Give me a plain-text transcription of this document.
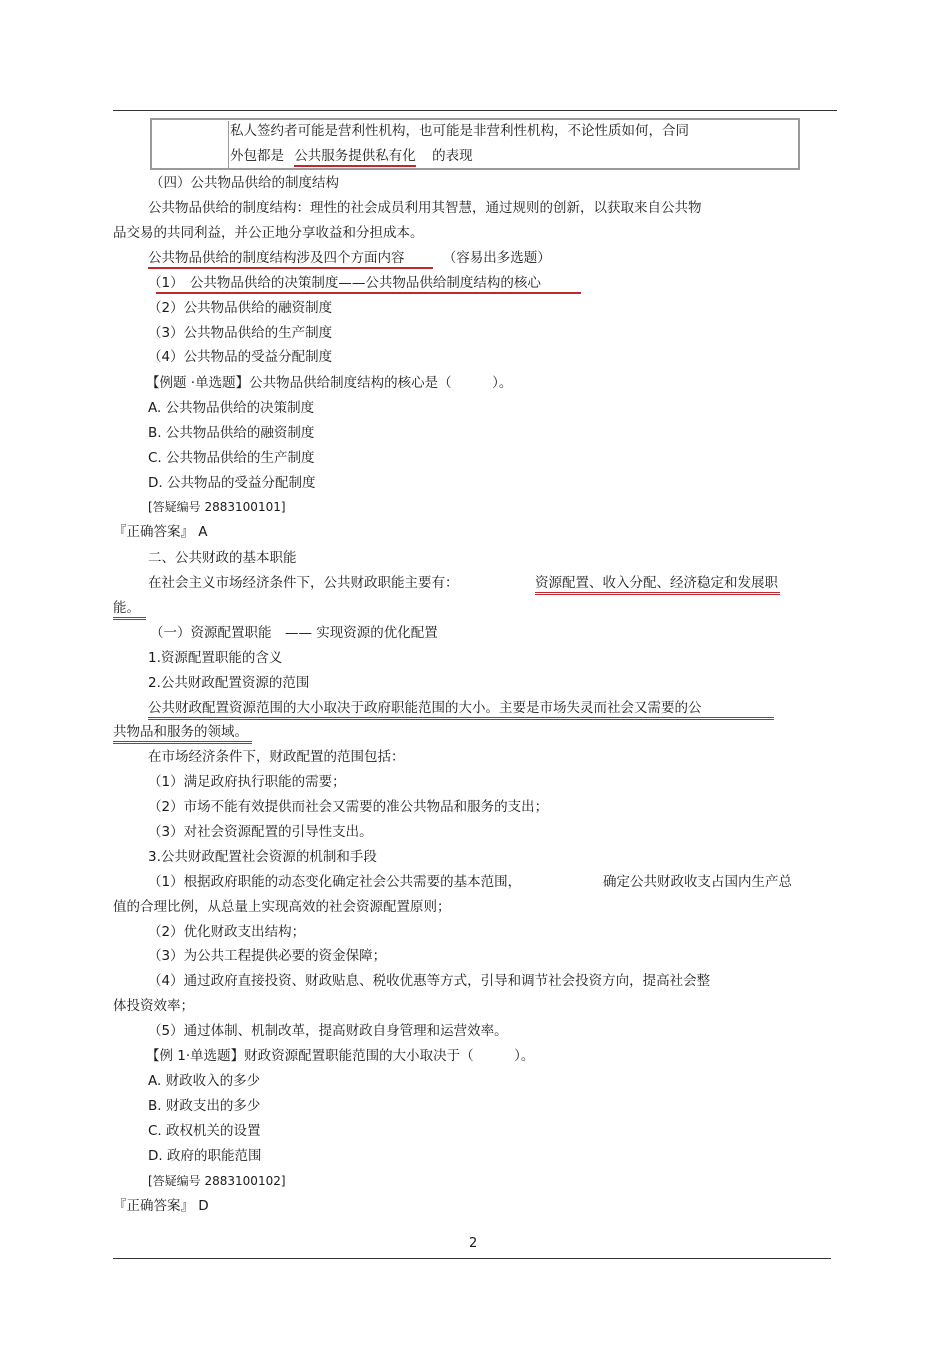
私人签约者可能是营利性机构，也可能是非营利性机构，不论性质如何，合同
外包都是 公共服务提供私有化 的表现
（四）公共物品供给的制度结构
公共物品供给的制度结构：理性的社会成员利用其智慧，通过规则的创新，以获取来自公共物
品交易的共同利益，并公正地分享收益和分担成本。
公共物品供给的制度结构涉及四个方面内容	（容易出多选题）
（1） 公共物品供给的决策制度——公共物品供给制度结构的核心
（2）公共物品供给的融资制度
（3）公共物品供给的生产制度
（4）公共物品的受益分配制度
【例题 ·单选题】公共物品供给制度结构的核心是（　　　）。
A. 公共物品供给的决策制度
B. 公共物品供给的融资制度
C. 公共物品供给的生产制度
D. 公共物品的受益分配制度
[答疑编号 2883100101]
『正确答案』 A
二、公共财政的基本职能
在社会主义市场经济条件下，公共财政职能主要有：	资源配置、收入分配、经济稳定和发展职
能。
（一）资源配置职能　—— 实现资源的优化配置
1.资源配置职能的含义
2.公共财政配置资源的范围
公共财政配置资源范围的大小取决于政府职能范围的大小。主要是市场失灵而社会又需要的公
共物品和服务的领域。
在市场经济条件下，财政配置的范围包括：
（1）满足政府执行职能的需要；
（2）市场不能有效提供而社会又需要的准公共物品和服务的支出；
（3）对社会资源配置的引导性支出。
3.公共财政配置社会资源的机制和手段
（1）根据政府职能的动态变化确定社会公共需要的基本范围，	确定公共财政收支占国内生产总
值的合理比例，从总量上实现高效的社会资源配置原则；
（2）优化财政支出结构；
（3）为公共工程提供必要的资金保障；
（4）通过政府直接投资、财政贴息、税收优惠等方式，引导和调节社会投资方向，提高社会整
体投资效率；
（5）通过体制、机制改革，提高财政自身管理和运营效率。
【例 1·单选题】财政资源配置职能范围的大小取决于（　　　）。
A. 财政收入的多少
B. 财政支出的多少
C. 政权机关的设置
D. 政府的职能范围
[答疑编号 2883100102]
『正确答案』 D
2
